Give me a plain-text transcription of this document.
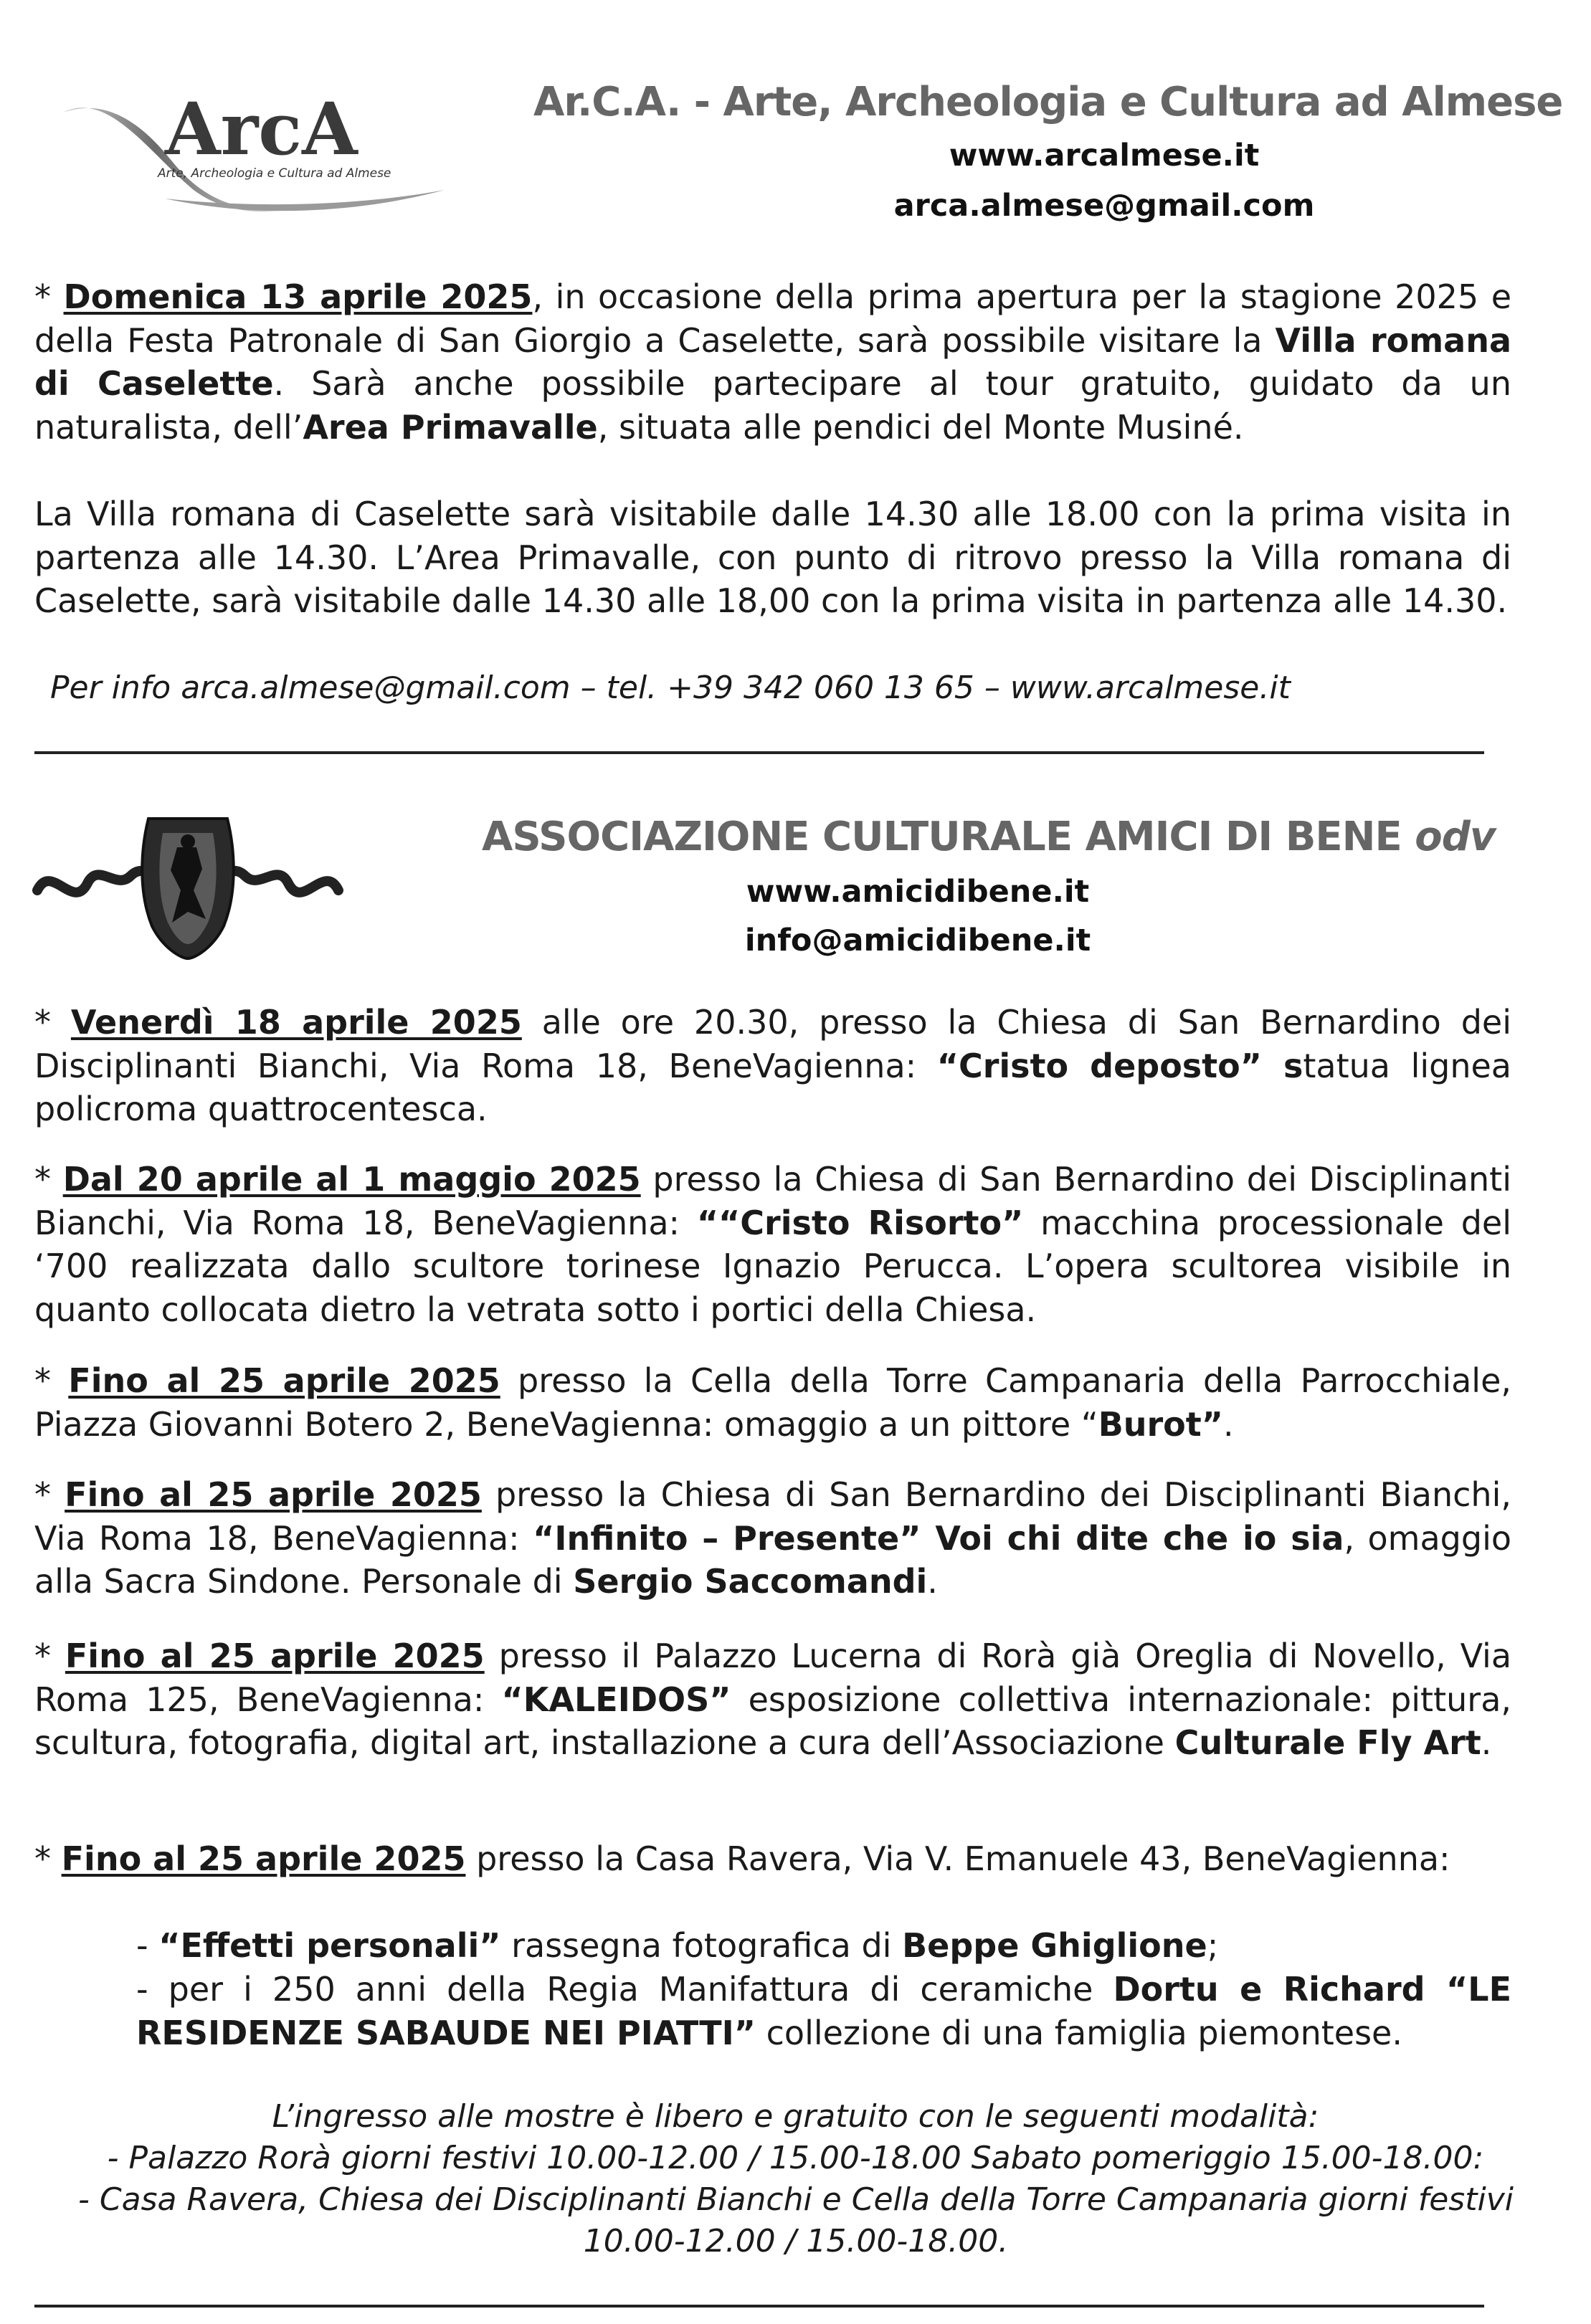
ArcA
Arte, Archeologia e Cultura ad Almese
Ar.C.A. - Arte, Archeologia e Cultura ad Almese
www.arcalmese.it
arca.almese@gmail.com

* Domenica 13 aprile 2025, in occasione della prima apertura per la stagione 2025 e della Festa Patronale di San Giorgio a Caselette, sarà possibile visitare la Villa romana di Caselette. Sarà anche possibile partecipare al tour gratuito, guidato da un naturalista, dell’Area Primavalle, situata alle pendici del Monte Musiné.

La Villa romana di Caselette sarà visitabile dalle 14.30 alle 18.00 con la prima visita in partenza alle 14.30. L’Area Primavalle, con punto di ritrovo presso la Villa romana di Caselette, sarà visitabile dalle 14.30 alle 18,00 con la prima visita in partenza alle 14.30.

Per info arca.almese@gmail.com – tel. +39 342 060 13 65 – www.arcalmese.it
ASSOCIAZIONE CULTURALE AMICI DI BENE odv
www.amicidibene.it
info@amicidibene.it

* Venerdì 18 aprile 2025 alle ore 20.30, presso la Chiesa di San Bernardino dei Disciplinanti Bianchi, Via Roma 18, BeneVagienna: “Cristo deposto” statua lignea policroma quattrocentesca.

* Dal 20 aprile al 1 maggio 2025 presso la Chiesa di San Bernardino dei Disciplinanti Bianchi, Via Roma 18, BeneVagienna: ““Cristo Risorto” macchina processionale del ‘700 realizzata dallo scultore torinese Ignazio Perucca. L’opera scultorea visibile in quanto collocata dietro la vetrata sotto i portici della Chiesa.

* Fino al 25 aprile 2025 presso la Cella della Torre Campanaria della Parrocchiale, Piazza Giovanni Botero 2, BeneVagienna: omaggio a un pittore “Burot”.

* Fino al 25 aprile 2025 presso la Chiesa di San Bernardino dei Disciplinanti Bianchi, Via Roma 18, BeneVagienna: “Infinito – Presente” Voi chi dite che io sia, omaggio alla Sacra Sindone. Personale di Sergio Saccomandi.

* Fino al 25 aprile 2025 presso il Palazzo Lucerna di Rorà già Oreglia di Novello, Via Roma 125, BeneVagienna: “KALEIDOS” esposizione collettiva internazionale: pittura, scultura, fotografia, digital art, installazione a cura dell’Associazione Culturale Fly Art.

* Fino al 25 aprile 2025 presso la Casa Ravera, Via V. Emanuele 43, BeneVagienna:

- “Effetti personali” rassegna fotografica di Beppe Ghiglione;

- per i 250 anni della Regia Manifattura di ceramiche Dortu e Richard “LE RESIDENZE SABAUDE NEI PIATTI” collezione di una famiglia piemontese.

L’ingresso alle mostre è libero e gratuito con le seguenti modalità:
- Palazzo Rorà giorni festivi 10.00-12.00 / 15.00-18.00 Sabato pomeriggio 15.00-18.00:
- Casa Ravera, Chiesa dei Disciplinanti Bianchi e Cella della Torre Campanaria giorni festivi 10.00-12.00 / 15.00-18.00.
